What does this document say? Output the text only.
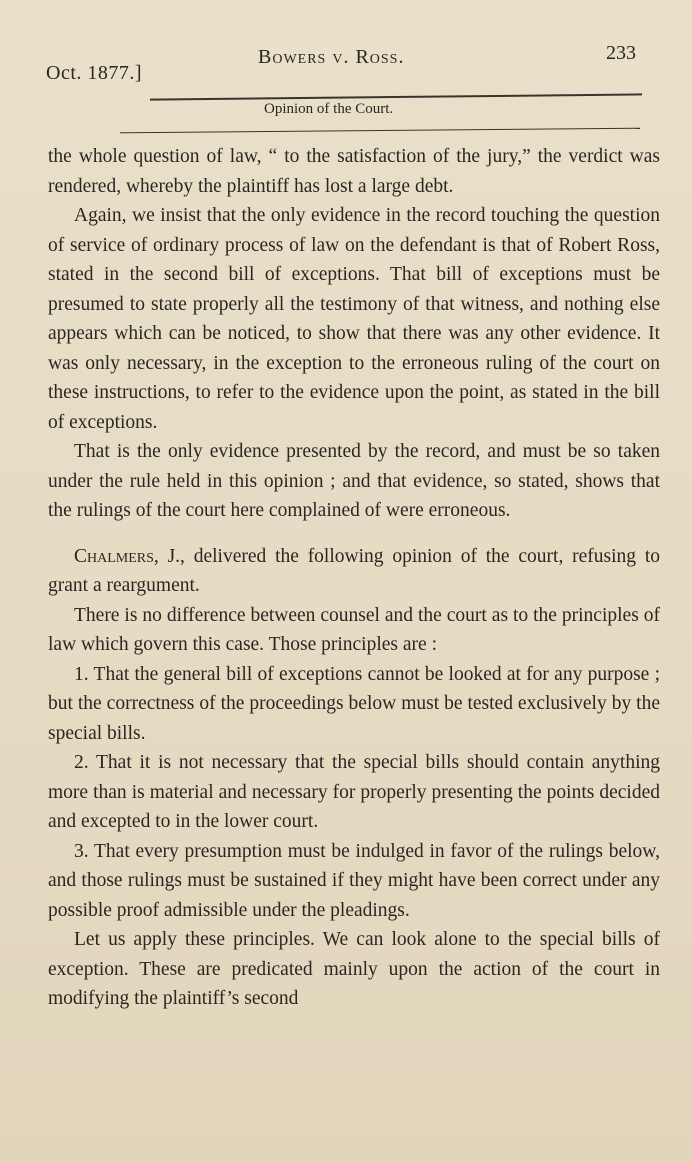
Oct. 1877.]
Bowers v. Ross.	233
Opinion of the Court.

the whole question of law, “ to the satisfaction of the jury,” the verdict was rendered, whereby the plaintiff has lost a large debt.

Again, we insist that the only evidence in the record touching the question of service of ordinary process of law on the defendant is that of Robert Ross, stated in the second bill of exceptions. That bill of exceptions must be presumed to state properly all the testimony of that witness, and nothing else appears which can be noticed, to show that there was any other evidence. It was only necessary, in the exception to the erroneous ruling of the court on these instructions, to refer to the evidence upon the point, as stated in the bill of exceptions.

That is the only evidence presented by the record, and must be so taken under the rule held in this opinion ; and that evidence, so stated, shows that the rulings of the court here complained of were erroneous.

Chalmers, J., delivered the following opinion of the court, refusing to grant a reargument.

There is no difference between counsel and the court as to the principles of law which govern this case. Those principles are :

1. That the general bill of exceptions cannot be looked at for any purpose ; but the correctness of the proceedings below must be tested exclusively by the special bills.

2. That it is not necessary that the special bills should contain anything more than is material and necessary for properly presenting the points decided and excepted to in the lower court.

3. That every presumption must be indulged in favor of the rulings below, and those rulings must be sustained if they might have been correct under any possible proof admissible under the pleadings.

Let us apply these principles. We can look alone to the special bills of exception. These are predicated mainly upon the action of the court in modifying the plaintiff’s second
